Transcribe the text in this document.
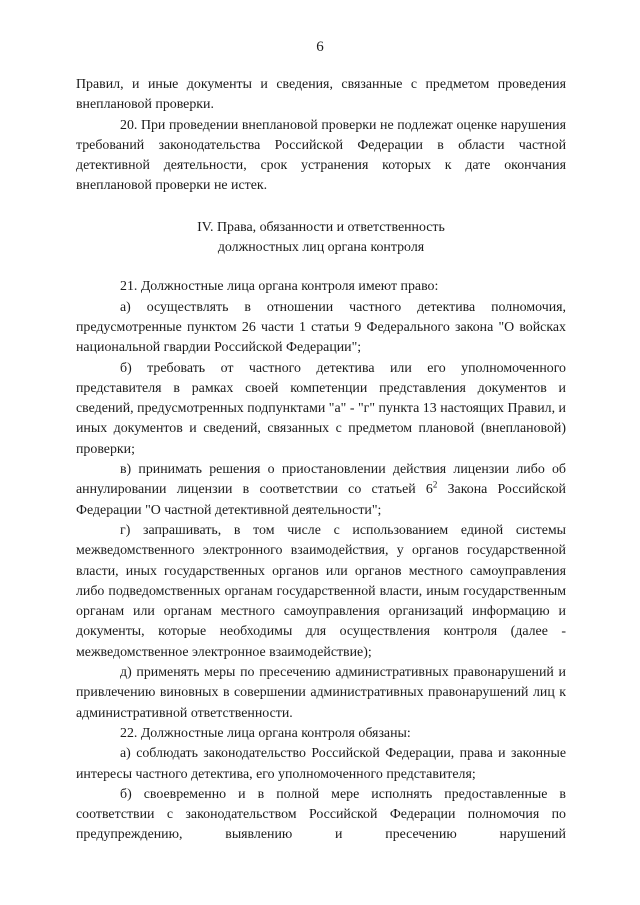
6

Правил, и иные документы и сведения, связанные с предметом проведения внеплановой проверки.

20. При проведении внеплановой проверки не подлежат оценке нарушения требований законодательства Российской Федерации в области частной детективной деятельности, срок устранения которых к дате окончания внеплановой проверки не истек.

IV. Права, обязанности и ответственность
должностных лиц органа контроля

21. Должностные лица органа контроля имеют право:

а) осуществлять в отношении частного детектива полномочия, предусмотренные пунктом 26 части 1 статьи 9 Федерального закона "О войсках национальной гвардии Российской Федерации";

б) требовать от частного детектива или его уполномоченного представителя в рамках своей компетенции представления документов и сведений, предусмотренных подпунктами "а" - "г" пункта 13 настоящих Правил, и иных документов и сведений, связанных с предметом плановой (внеплановой) проверки;

в) принимать решения о приостановлении действия лицензии либо об аннулировании лицензии в соответствии со статьей $6^2$ Закона Российской Федерации "О частной детективной деятельности";

г) запрашивать, в том числе с использованием единой системы межведомственного электронного взаимодействия, у органов государственной власти, иных государственных органов или органов местного самоуправления либо подведомственных органам государственной власти, иным государственным органам или органам местного самоуправления организаций информацию и документы, которые необходимы для осуществления контроля (далее - межведомственное электронное взаимодействие);

д) применять меры по пресечению административных правонарушений и привлечению виновных в совершении административных правонарушений лиц к административной ответственности.

22. Должностные лица органа контроля обязаны:

а) соблюдать законодательство Российской Федерации, права и законные интересы частного детектива, его уполномоченного представителя;

б) своевременно и в полной мере исполнять предоставленные в соответствии с законодательством Российской Федерации полномочия по предупреждению, выявлению и пресечению нарушений
